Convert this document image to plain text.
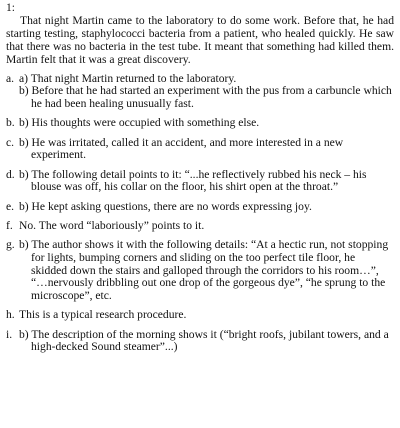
1:

That night Martin came to the laboratory to do some work. Before that, he had starting testing, staphylococci bacteria from a patient, who healed quickly. He saw that there was no bacteria in the test tube. It meant that something had killed them. Martin felt that it was a great discovery.

a. a) That night Martin returned to the laboratory.

b) Before that he had started an experiment with the pus from a carbuncle which he had been healing unusually fast.

b. b) His thoughts were occupied with something else.

c. b) He was irritated, called it an accident, and more interested in a new experiment.

d. b) The following detail points to it: “...he reflectively rubbed his neck – his blouse was off, his collar on the floor, his shirt open at the throat.”

e. b) He kept asking questions, there are no words expressing joy.

f. No. The word “laboriously” points to it.

g. b) The author shows it with the following details: “At a hectic run, not stopping for lights, bumping corners and sliding on the too perfect tile floor, he skidded down the stairs and galloped through the corridors to his room…”, “…nervously dribbling out one drop of the gorgeous dye”, “he sprung to the microscope”, etc.

h. This is a typical research procedure.

i. b) The description of the morning shows it (“bright roofs, jubilant towers, and a high-decked Sound steamer”...)
